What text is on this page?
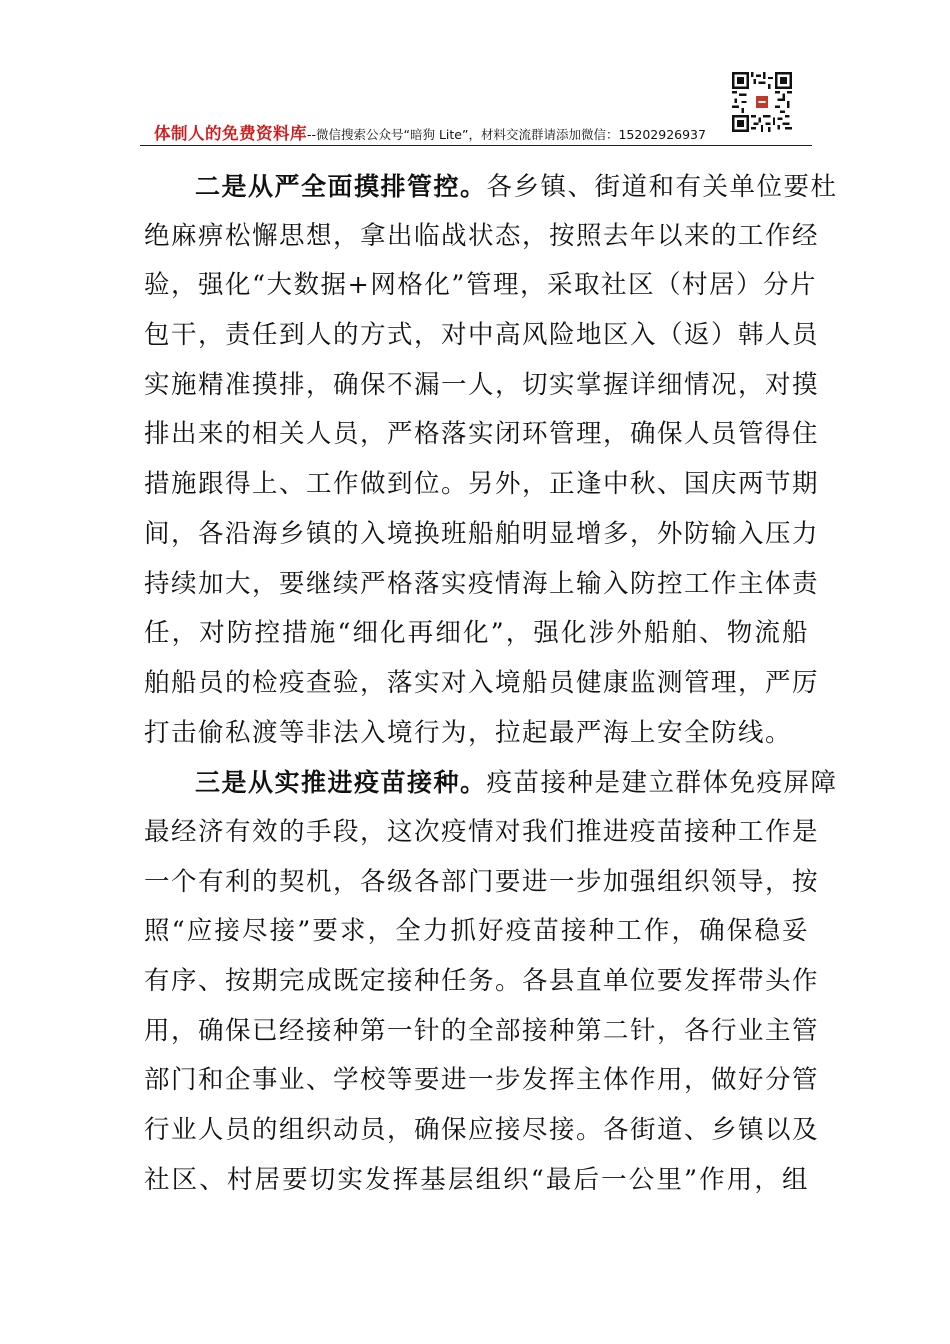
体制人的免费资料库--微信搜索公众号“暗狗 Lite”，材料交流群请添加微信：15202926937
二是从严全面摸排管控。各乡镇、街道和有关单位要杜
绝麻痹松懈思想，拿出临战状态，按照去年以来的工作经
验，强化“大数据+网格化”管理，采取社区（村居）分片
包干，责任到人的方式，对中高风险地区入（返）韩人员
实施精准摸排，确保不漏一人，切实掌握详细情况，对摸
排出来的相关人员，严格落实闭环管理，确保人员管得住
措施跟得上、工作做到位。另外，正逢中秋、国庆两节期
间，各沿海乡镇的入境换班船舶明显增多，外防输入压力
持续加大，要继续严格落实疫情海上输入防控工作主体责
任，对防控措施“细化再细化”，强化涉外船舶、物流船
舶船员的检疫查验，落实对入境船员健康监测管理，严厉
打击偷私渡等非法入境行为，拉起最严海上安全防线。
三是从实推进疫苗接种。疫苗接种是建立群体免疫屏障
最经济有效的手段，这次疫情对我们推进疫苗接种工作是
一个有利的契机，各级各部门要进一步加强组织领导，按
照“应接尽接”要求，全力抓好疫苗接种工作，确保稳妥
有序、按期完成既定接种任务。各县直单位要发挥带头作
用，确保已经接种第一针的全部接种第二针，各行业主管
部门和企事业、学校等要进一步发挥主体作用，做好分管
行业人员的组织动员，确保应接尽接。各街道、乡镇以及
社区、村居要切实发挥基层组织“最后一公里”作用，组
